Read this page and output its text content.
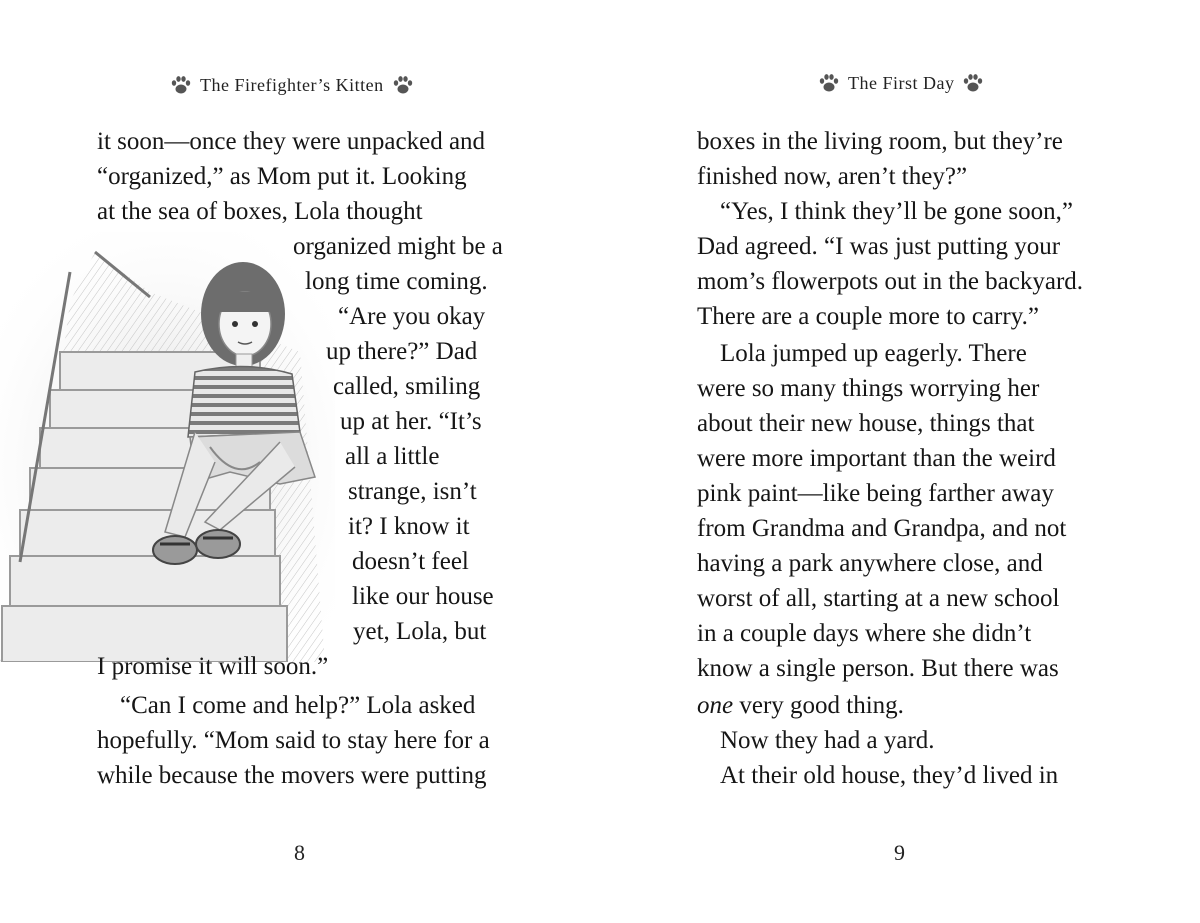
The Firefighter’s Kitten
it soon—once they were unpacked and
“organized,” as Mom put it. Looking
at the sea of boxes, Lola thought
organized might be a
long time coming.
“Are you okay
up there?” Dad
called, smiling
up at her. “It’s
all a little
strange, isn’t
it? I know it
doesn’t feel
like our house
yet, Lola, but
I promise it will soon.”
“Can I come and help?” Lola asked
hopefully. “Mom said to stay here for a
while because the movers were putting
8
The First Day
boxes in the living room, but they’re
finished now, aren’t they?”
“Yes, I think they’ll be gone soon,”
Dad agreed. “I was just putting your
mom’s flowerpots out in the backyard.
There are a couple more to carry.”
Lola jumped up eagerly. There
were so many things worrying her
about their new house, things that
were more important than the weird
pink paint—like being farther away
from Grandma and Grandpa, and not
having a park anywhere close, and
worst of all, starting at a new school
in a couple days where she didn’t
know a single person. But there was
one very good thing.
Now they had a yard.
At their old house, they’d lived in
9
